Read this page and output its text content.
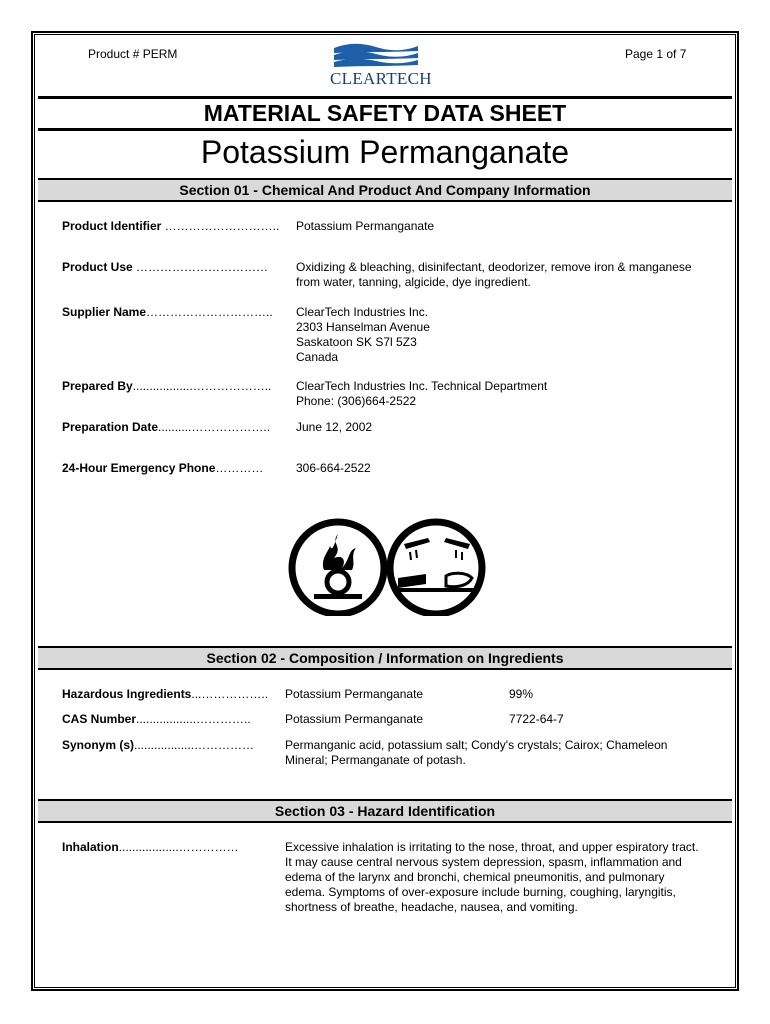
Product # PERM	Page 1 of 7
CLEARTECH
MATERIAL SAFETY DATA SHEET
Potassium Permanganate
Section 01 - Chemical And Product And Company Information
Product Identifier ……………………….. Potassium Permanganate
Product Use …………………………… Oxidizing & bleaching, disinifectant, deodorizer, remove iron & manganese
from water, tanning, algicide, dye ingredient.
Supplier Name………………………….. ClearTech Industries Inc.
2303 Hanselman Avenue
Saskatoon SK S7l 5Z3
Canada
Prepared By..................……………….. ClearTech Industries Inc. Technical Department
Phone: (306)664-2522
Preparation Date..........……………….. June 12, 2002
24-Hour Emergency Phone…………	306-664-2522
Section 02 - Composition / Information on Ingredients
Hazardous Ingredients...…………….. Potassium Permanganate	99%
CAS Number..................…………..	Potassium Permanganate	7722-64-7
Synonym (s)..................……………	Permanganic acid, potassium salt; Condy's crystals; Cairox; Chameleon
Mineral; Permanganate of potash.
Section 03 - Hazard Identification
Inhalation..................……………	Excessive inhalation is irritating to the nose, throat, and upper espiratory tract.
It may cause central nervous system depression, spasm, inflammation and
edema of the larynx and bronchi, chemical pneumonitis, and pulmonary
edema. Symptoms of over-exposure include burning, coughing, laryngitis,
shortness of breathe, headache, nausea, and vomiting.
